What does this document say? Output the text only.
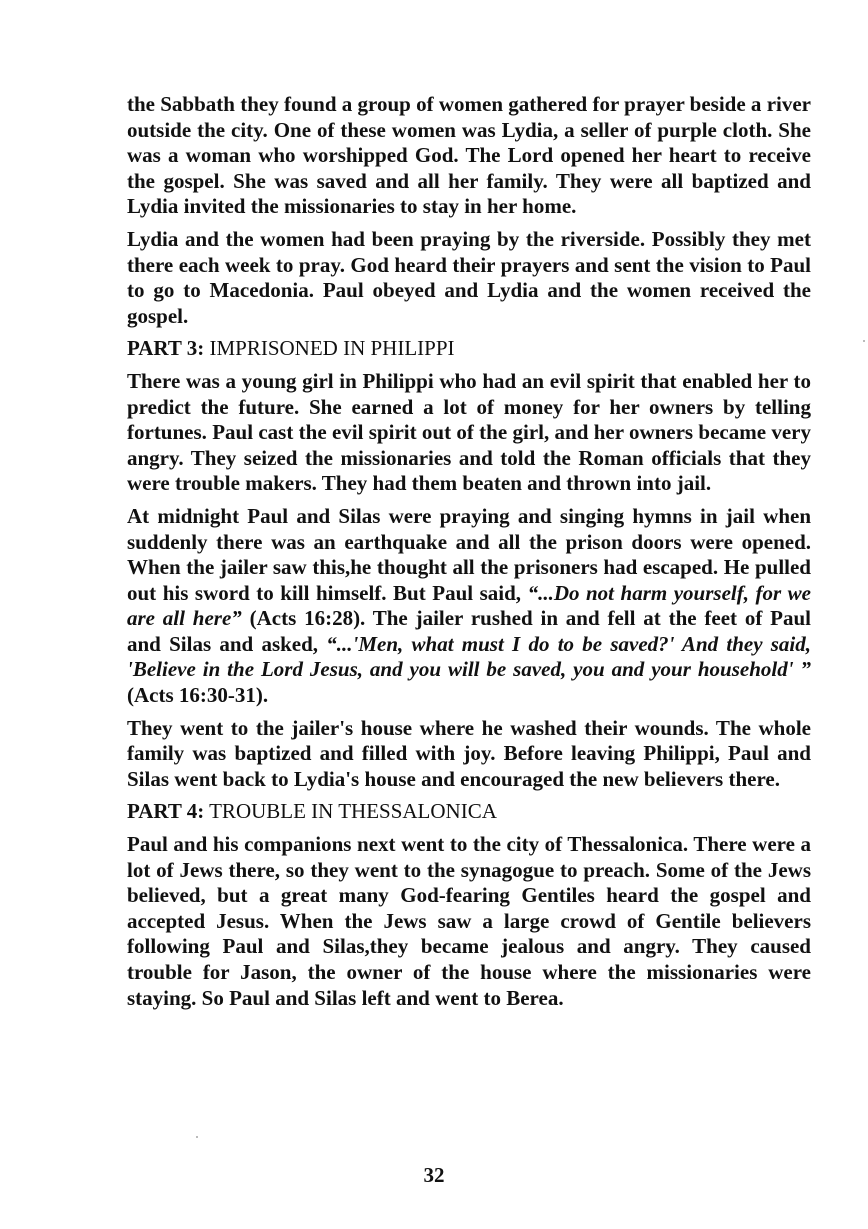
the Sabbath they found a group of women gathered for prayer beside a river outside the city. One of these women was Lydia, a seller of purple cloth. She was a woman who worshipped God. The Lord opened her heart to receive the gospel. She was saved and all her family. They were all baptized and Lydia invited the missionaries to stay in her home.

Lydia and the women had been praying by the riverside. Possibly they met there each week to pray. God heard their prayers and sent the vision to Paul to go to Macedonia. Paul obeyed and Lydia and the women received the gospel.

PART 3: IMPRISONED IN PHILIPPI

There was a young girl in Philippi who had an evil spirit that enabled her to predict the future. She earned a lot of money for her owners by telling fortunes. Paul cast the evil spirit out of the girl, and her owners became very angry. They seized the missionaries and told the Roman officials that they were trouble makers. They had them beaten and thrown into jail.

At midnight Paul and Silas were praying and singing hymns in jail when suddenly there was an earthquake and all the prison doors were opened. When the jailer saw this,he thought all the prisoners had escaped. He pulled out his sword to kill himself. But Paul said, “...Do not harm yourself, for we are all here” (Acts 16:28). The jailer rushed in and fell at the feet of Paul and Silas and asked, “...'Men, what must I do to be saved?' And they said, 'Believe in the Lord Jesus, and you will be saved, you and your household' ” (Acts 16:30-31).

They went to the jailer's house where he washed their wounds. The whole family was baptized and filled with joy. Before leaving Philippi, Paul and Silas went back to Lydia's house and encouraged the new believers there.

PART 4: TROUBLE IN THESSALONICA

Paul and his companions next went to the city of Thessalonica. There were a lot of Jews there, so they went to the synagogue to preach. Some of the Jews believed, but a great many God-fearing Gentiles heard the gospel and accepted Jesus. When the Jews saw a large crowd of Gentile believers following Paul and Silas,they became jealous and angry. They caused trouble for Jason, the owner of the house where the missionaries were staying. So Paul and Silas left and went to Berea.

32
